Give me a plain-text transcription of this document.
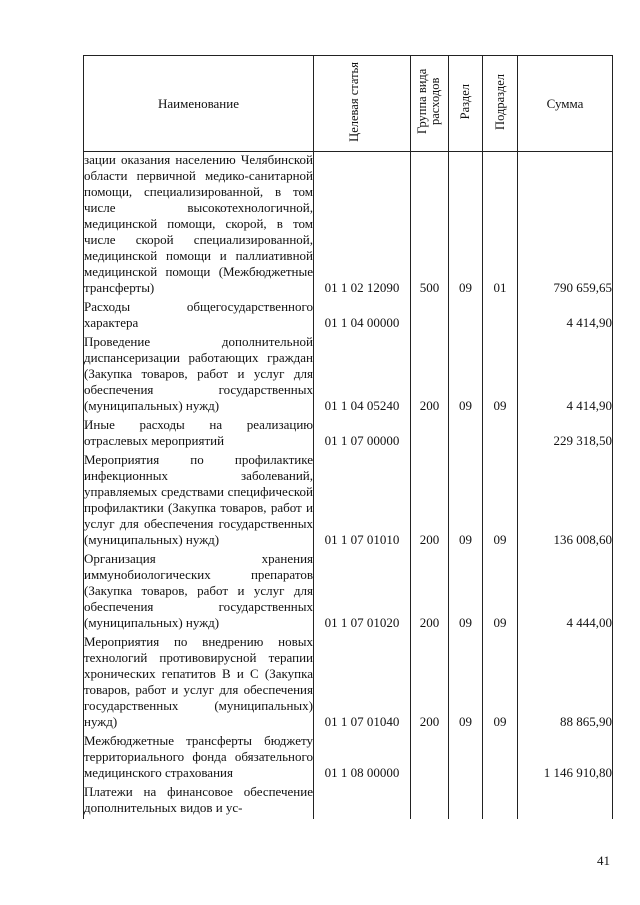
Наименование	Целевая статья	Группа вида расходов	Раздел	Подраздел	Сумма

зации оказания населению Челябинской области первичной медико-санитарной помощи, специализированной, в том числе высокотехнологичной, медицинской помощи, скорой, в том числе скорой специализированной, медицинской помощи и паллиативной медицинской помощи (Межбюджетные трансферты)	01 1 02 12090	500	09	01	790 659,65

Расходы общегосударственного характера	01 1 04 00000				4 414,90

Проведение дополнительной диспансеризации работающих граждан (Закупка товаров, работ и услуг для обеспечения государственных (муниципальных) нужд)	01 1 04 05240	200	09	09	4 414,90

Иные расходы на реализацию отраслевых мероприятий	01 1 07 00000				229 318,50

Мероприятия по профилактике инфекционных заболеваний, управляемых средствами специфической профилактики (Закупка товаров, работ и услуг для обеспечения государственных (муниципальных) нужд)	01 1 07 01010	200	09	09	136 008,60

Организация хранения иммунобиологических препаратов (Закупка товаров, работ и услуг для обеспечения государственных (муниципальных) нужд)	01 1 07 01020	200	09	09	4 444,00

Мероприятия по внедрению новых технологий противовирусной терапии хронических гепатитов В и С (Закупка товаров, работ и услуг для обеспечения государственных (муниципальных) нужд)	01 1 07 01040	200	09	09	88 865,90

Межбюджетные трансферты бюджету территориального фонда обязательного медицинского страхования	01 1 08 00000				1 146 910,80

Платежи на финансовое обеспечение дополнительных видов и ус-					

41
